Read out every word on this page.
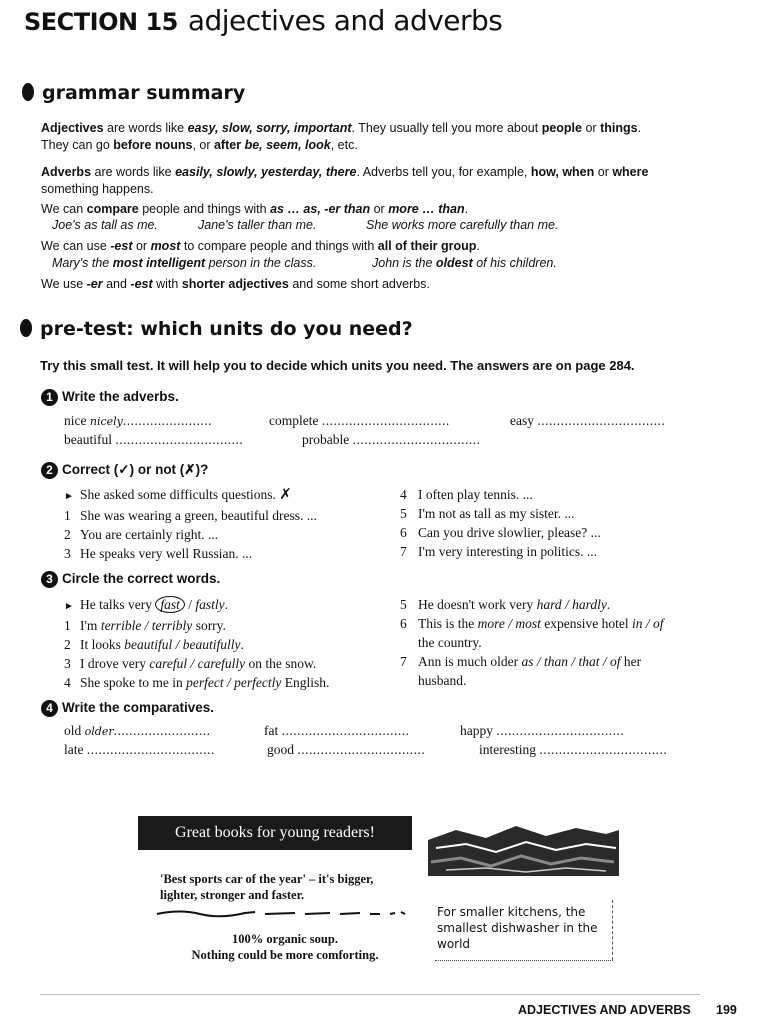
SECTION 15 adjectives and adverbs
grammar summary
Adjectives are words like easy, slow, sorry, important. They usually tell you more about people or things.
They can go before nouns, or after be, seem, look, etc.
Adverbs are words like easily, slowly, yesterday, there. Adverbs tell you, for example, how, when or where
something happens.
We can compare people and things with as … as, -er than or more … than.
Joe's as tall as me.	Jane's taller than me.	She works more carefully than me.
We can use -est or most to compare people and things with all of their group.
Mary's the most intelligent person in the class.	John is the oldest of his children.
We use -er and -est with shorter adjectives and some short adverbs.
pre-test: which units do you need?
Try this small test. It will help you to decide which units you need. The answers are on page 284.
1 Write the adverbs.
nice nicely.......................	complete .................................	easy .................................
beautiful .................................	probable .................................
2 Correct (✓) or not (✗)?
► She asked some difficults questions. ✗
1 She was wearing a green, beautiful dress. ...
2 You are certainly right. ...
3 He speaks very well Russian. ...
4 I often play tennis. ...
5 I'm not as tall as my sister. ...
6 Can you drive slowlier, please? ...
7 I'm very interesting in politics. ...
3 Circle the correct words.
► He talks very fast / fastly.
1 I'm terrible / terribly sorry.
2 It looks beautiful / beautifully.
3 I drove very careful / carefully on the snow.
4 She spoke to me in perfect / perfectly English.
5 He doesn't work very hard / hardly.
6 This is the more / most expensive hotel in / of
the country.
7 Ann is much older as / than / that / of her
husband.
4 Write the comparatives.
old older.........................	fat .................................	happy .................................
late .................................	good .................................	interesting .................................
Great books for young readers!
'Best sports car of the year' – it's bigger, lighter, stronger and faster.
100% organic soup.
Nothing could be more comforting.
For smaller kitchens, the smallest dishwasher in the world
ADJECTIVES AND ADVERBS 199
